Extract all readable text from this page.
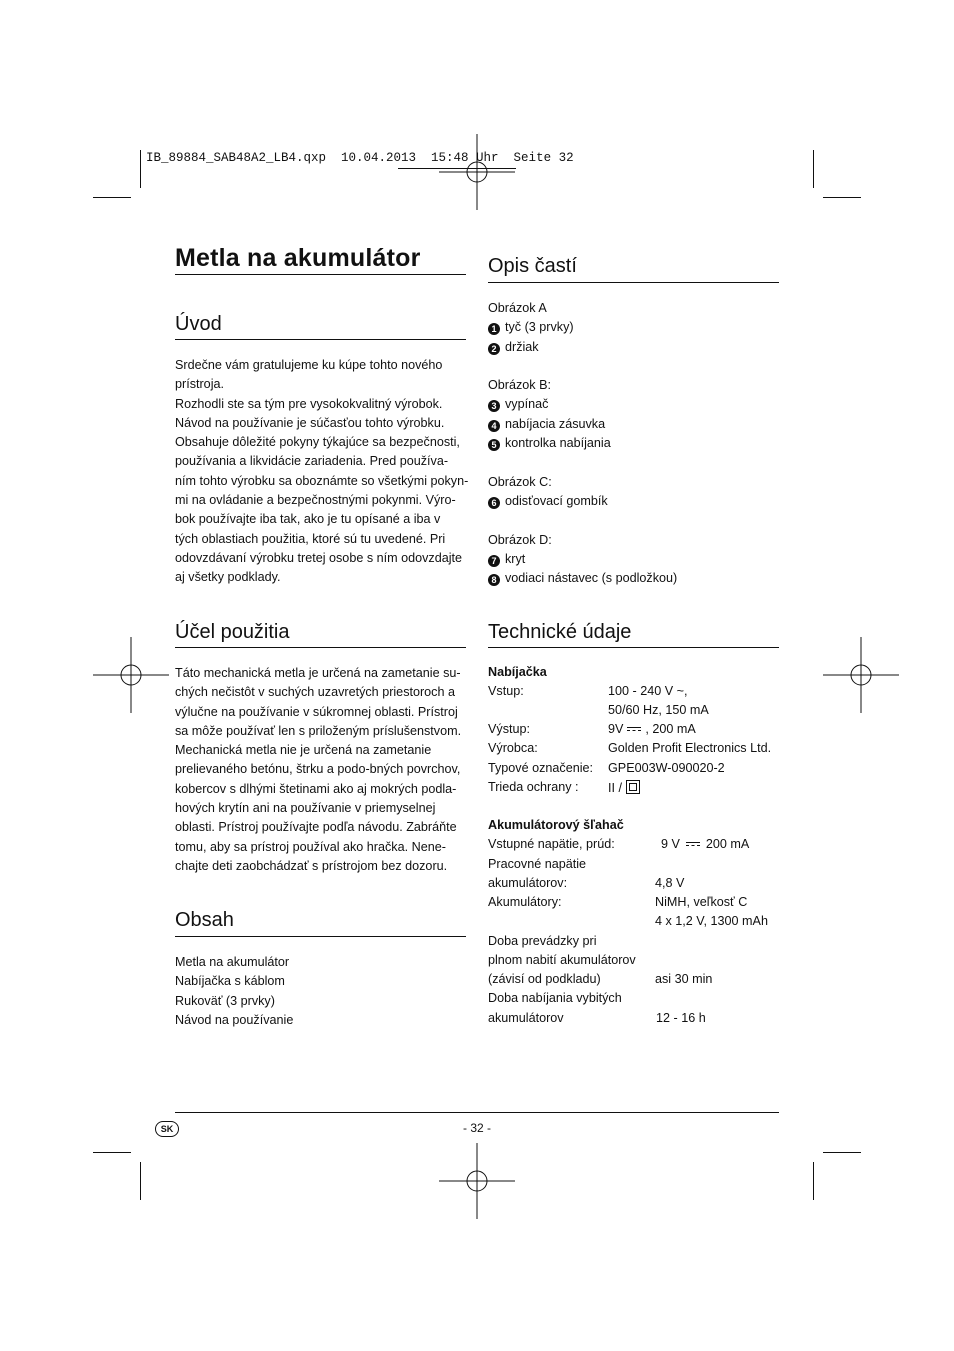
IB_89884_SAB48A2_LB4.qxp  10.04.2013  15:48 Uhr  Seite 32
Metla na akumulátor
Úvod
Srdečne vám gratulujeme ku kúpe tohto nového
prístroja.
Rozhodli ste sa tým pre vysokokvalitný výrobok.
Návod na používanie je súčasťou tohto výrobku.
Obsahuje dôležité pokyny týkajúce sa bezpečnosti,
používania a likvidácie zariadenia. Pred používa-
ním tohto výrobku sa oboznámte so všetkými pokyn-
mi na ovládanie a bezpečnostnými pokynmi. Výro-
bok používajte iba tak, ako je tu opísané a iba v
tých oblastiach použitia, ktoré sú tu uvedené. Pri
odovzdávaní výrobku tretej osobe s ním odovzdajte
aj všetky podklady.
Účel použitia
Táto mechanická metla je určená na zametanie su-
chých nečistôt v suchých uzavretých priestoroch a
výlučne na používanie v súkromnej oblasti. Prístroj
sa môže používať len s priloženým príslušenstvom.
Mechanická metla nie je určená na zametanie
prelievaného betónu, štrku a podo-bných povrchov,
kobercov s dlhými štetinami ako aj mokrých podla-
hových krytín ani na používanie v priemyselnej
oblasti. Prístroj používajte podľa návodu. Zabráňte
tomu, aby sa prístroj používal ako hračka. Nene-
chajte deti zaobchádzať s prístrojom bez dozoru.
Obsah
Metla na akumulátor
Nabíjačka s káblom
Rukoväť (3 prvky)
Návod na používanie
Opis častí
Obrázok A
1 tyč (3 prvky)
2 držiak

Obrázok B:
3 vypínač
4 nabíjacia zásuvka
5 kontrolka nabíjania

Obrázok C:
6 odisťovací gombík

Obrázok D:
7 kryt
8 vodiaci nástavec (s podložkou)
Technické údaje
Nabíjačka
Vstup:	100 - 240 V ~,
50/60 Hz, 150 mA
Výstup:	9V , 200 mA
Výrobca:	Golden Profit Electronics Ltd.
Typové označenie: GPE003W-090020-2
Trieda ochrany : II /
Akumulátorový šľahač
Vstupné napätie, prúd:	9 V 200 mA
Pracovné napätie
akumulátorov:	4,8 V
Akumulátory:	NiMH, veľkosť C
4 x 1,2 V, 1300 mAh
Doba prevádzky pri
plnom nabití akumulátorov
(závisí od podkladu)	asi 30 min
Doba nabíjania vybitých
akumulátorov	12 - 16 h
SK	- 32 -
